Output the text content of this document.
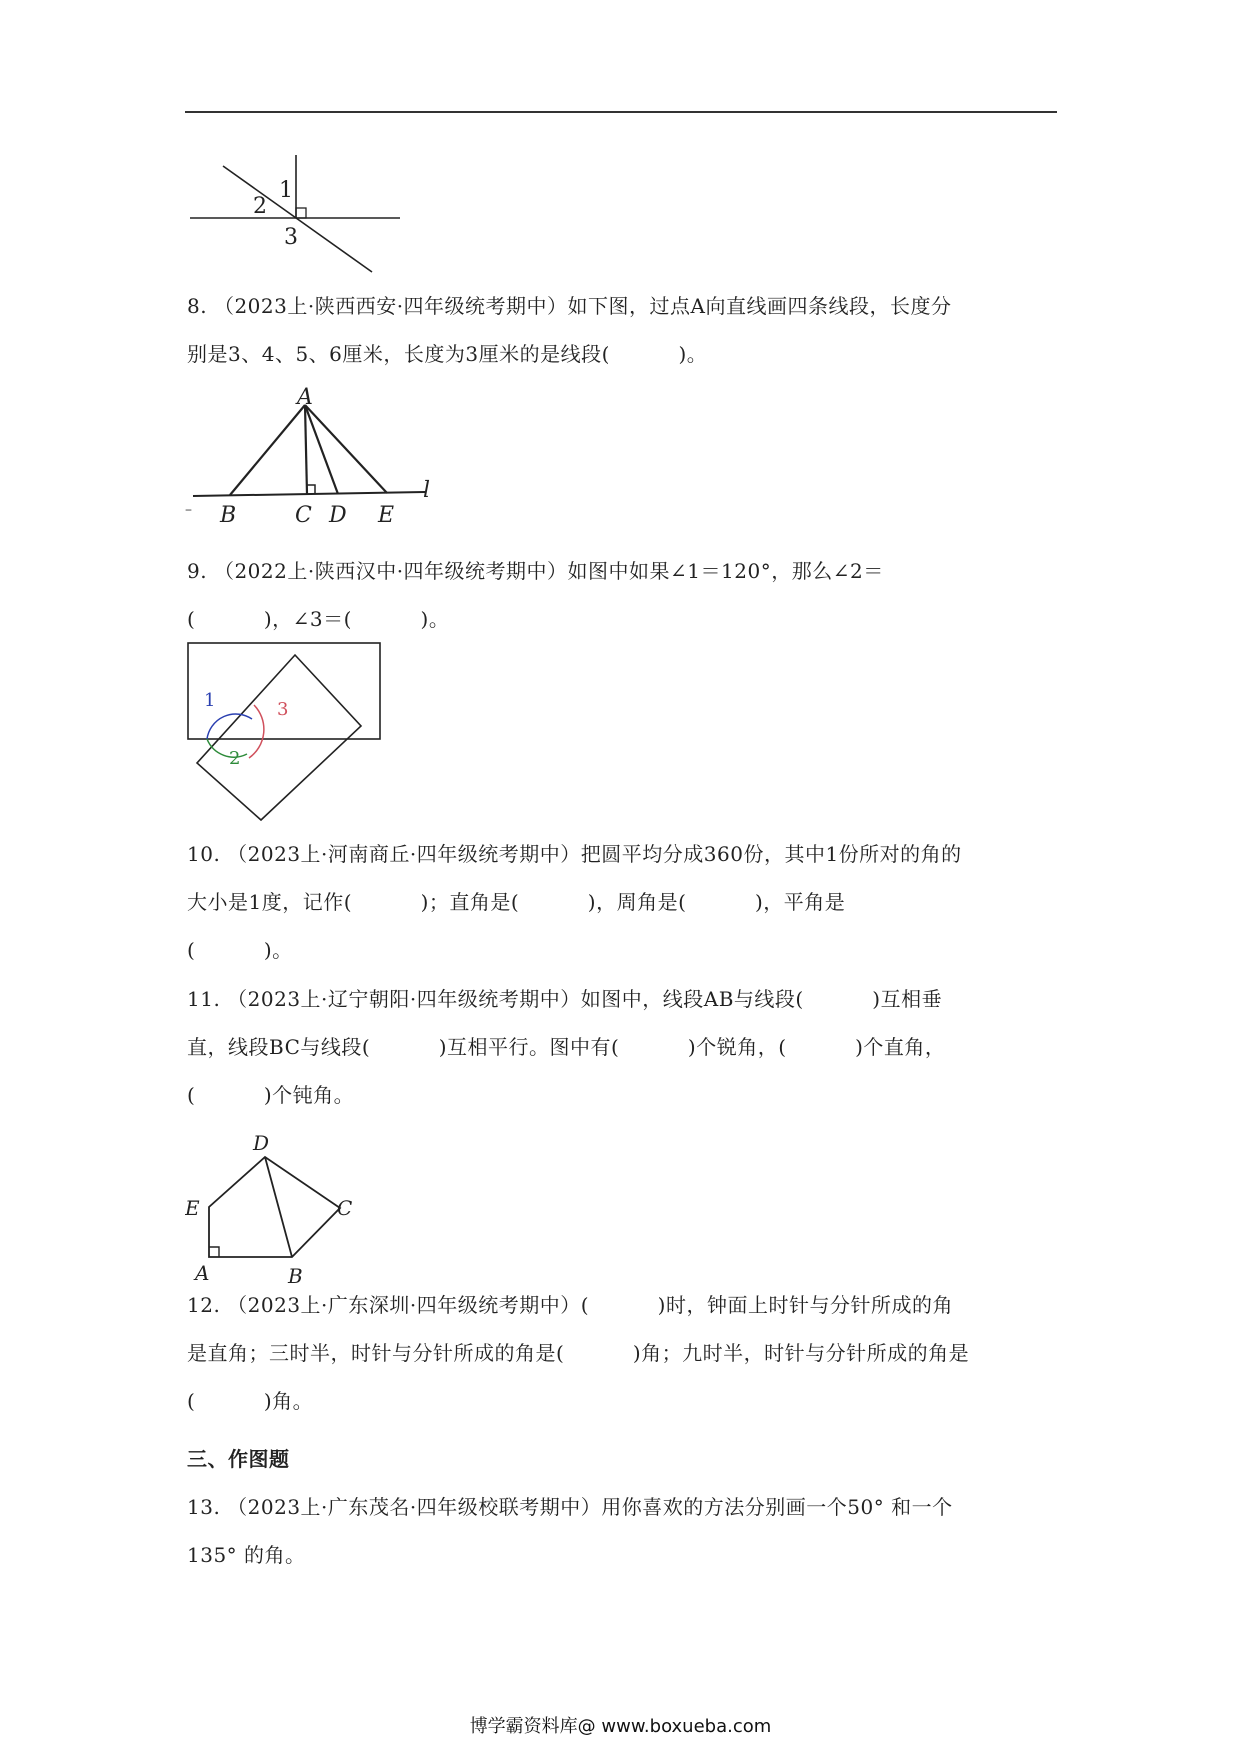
1
2
3
8. （2023上·陕西西安·四年级统考期中）如下图，过点A向直线画四条线段，长度分
别是3、4、5、6厘米，长度为3厘米的是线段(          )。
A
B	C D E
l
–
9. （2022上·陕西汉中·四年级统考期中）如图中如果∠1＝120°，那么∠2＝
(          )，∠3＝(          )。
1
2
3
10. （2023上·河南商丘·四年级统考期中）把圆平均分成360份，其中1份所对的角的
大小是1度，记作(          )；直角是(          )，周角是(          )，平角是
(          )。
11. （2023上·辽宁朝阳·四年级统考期中）如图中，线段AB与线段(          )互相垂
直，线段BC与线段(          )互相平行。图中有(          )个锐角，(          )个直角，
(          )个钝角。
A	B
C
D
E
12. （2023上·广东深圳·四年级统考期中）(          )时，钟面上时针与分针所成的角
是直角；三时半，时针与分针所成的角是(          )角；九时半，时针与分针所成的角是
(          )角。
三、作图题
13. （2023上·广东茂名·四年级校联考期中）用你喜欢的方法分别画一个50° 和一个
135° 的角。
博学霸资料库@ www.boxueba.com
